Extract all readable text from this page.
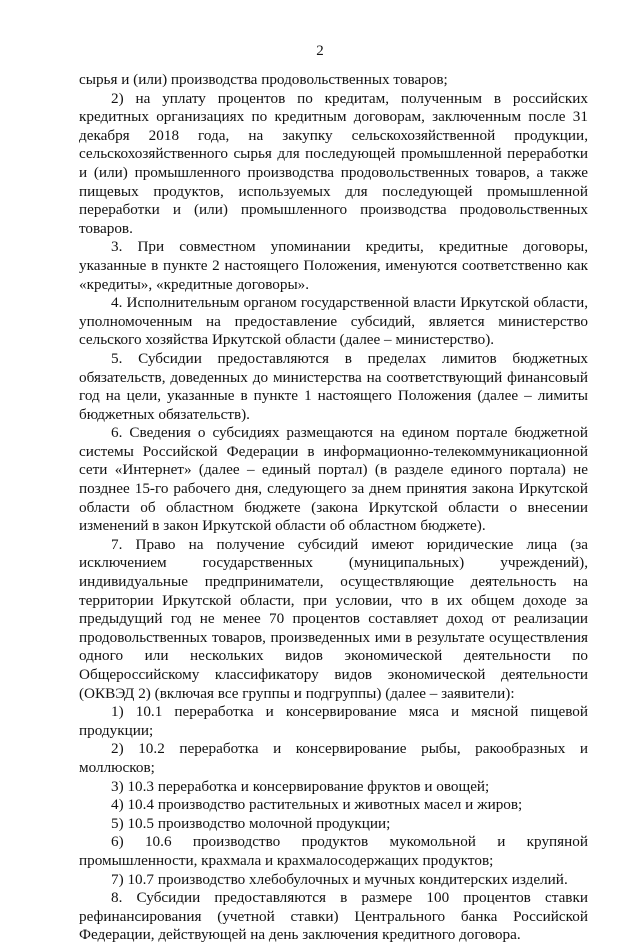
2

сырья и (или) производства продовольственных товаров;

2) на уплату процентов по кредитам, полученным в российских кредитных организациях по кредитным договорам, заключенным после 31 декабря 2018 года, на закупку сельскохозяйственной продукции, сельскохозяйственного сырья для последующей промышленной переработки и (или) промышленного производства продовольственных товаров, а также пищевых продуктов, используемых для последующей промышленной переработки и (или) промышленного производства продовольственных товаров.

3. При совместном упоминании кредиты, кредитные договоры, указанные в пункте 2 настоящего Положения, именуются соответственно как «кредиты», «кредитные договоры».

4. Исполнительным органом государственной власти Иркутской области, уполномоченным на предоставление субсидий, является министерство сельского хозяйства Иркутской области (далее – министерство).

5. Субсидии предоставляются в пределах лимитов бюджетных обязательств, доведенных до министерства на соответствующий финансовый год на цели, указанные в пункте 1 настоящего Положения (далее – лимиты бюджетных обязательств).

6. Сведения о субсидиях размещаются на едином портале бюджетной системы Российской Федерации в информационно-телекоммуникационной сети «Интернет» (далее – единый портал) (в разделе единого портала) не позднее 15-го рабочего дня, следующего за днем принятия закона Иркутской области об областном бюджете (закона Иркутской области о внесении изменений в закон Иркутской области об областном бюджете).

7. Право на получение субсидий имеют юридические лица (за исключением государственных (муниципальных) учреждений), индивидуальные предприниматели, осуществляющие деятельность на территории Иркутской области, при условии, что в их общем доходе за предыдущий год не менее 70 процентов составляет доход от реализации продовольственных товаров, произведенных ими в результате осуществления одного или нескольких видов экономической деятельности по Общероссийскому классификатору видов экономической деятельности (ОКВЭД 2) (включая все группы и подгруппы) (далее – заявители):

1) 10.1 переработка и консервирование мяса и мясной пищевой продукции;

2) 10.2 переработка и консервирование рыбы, ракообразных и моллюсков;

3) 10.3 переработка и консервирование фруктов и овощей;

4) 10.4 производство растительных и животных масел и жиров;

5) 10.5 производство молочной продукции;

6) 10.6 производство продуктов мукомольной и крупяной промышленности, крахмала и крахмалосодержащих продуктов;

7) 10.7 производство хлебобулочных и мучных кондитерских изделий.

8. Субсидии предоставляются в размере 100 процентов ставки рефинансирования (учетной ставки) Центрального банка Российской Федерации, действующей на день заключения кредитного договора.
